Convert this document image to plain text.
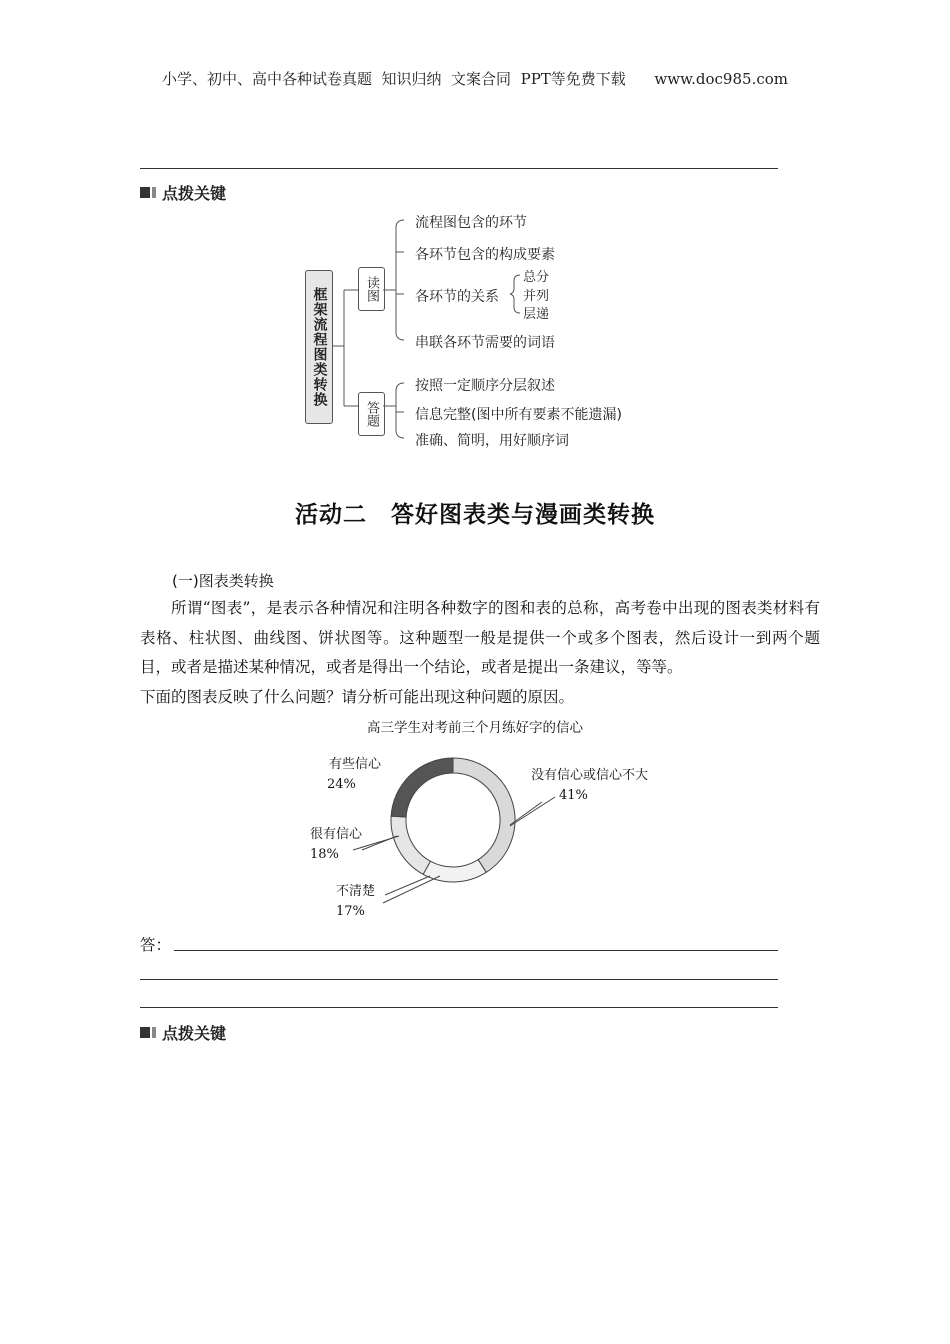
小学、初中、高中各种试卷真题  知识归纳  文案合同  PPT等免费下载      www.doc985.com
点拨关键
框架流程图类转换	读图
答题
流程图包含的环节
各环节包含的构成要素
各环节的关系
串联各环节需要的词语
总分
并列
层递
按照一定顺序分层叙述
信息完整(图中所有要素不能遗漏)
准确、简明，用好顺序词
活动二　答好图表类与漫画类转换
(一)图表类转换

所谓“图表”，是表示各种情况和注明各种数字的图和表的总称，高考卷中出现的图表类材料有表格、柱状图、曲线图、饼状图等。这种题型一般是提供一个或多个图表，然后设计一到两个题目，或者是描述某种情况，或者是得出一个结论，或者是提出一条建议，等等。

下面的图表反映了什么问题？请分析可能出现这种问题的原因。

高三学生对考前三个月练好字的信心
有些信心
24%
没有信心或信心不大
41%
很有信心
18%
不清楚
17%
答：
点拨关键
